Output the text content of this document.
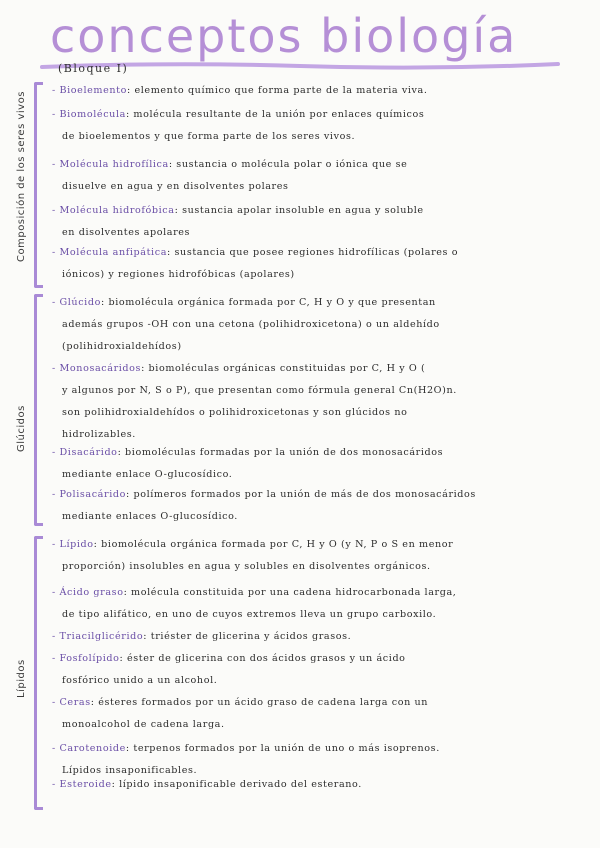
conceptos biología
(Bloque I)
Composición de los seres vivos
- Bioelemento: elemento químico que forma parte de la materia viva.
- Biomolécula: molécula resultante de la unión por enlaces químicos
de bioelementos y que forma parte de los seres vivos.
- Molécula hidrofílica: sustancia o molécula polar o iónica que se
disuelve en agua y en disolventes polares
- Molécula hidrofóbica: sustancia apolar insoluble en agua y soluble
en disolventes apolares
- Molécula anfipática: sustancia que posee regiones hidrofílicas (polares o
iónicos) y regiones hidrofóbicas (apolares)
Glúcidos
- Glúcido: biomolécula orgánica formada por C, H y O y que presentan
además grupos -OH con una cetona (polihidroxicetona) o un aldehído
(polihidroxialdehídos)
- Monosacáridos: biomoléculas orgánicas constituidas por C, H y O (
y algunos por N, S o P), que presentan como fórmula general Cn(H2O)n.
son polihidroxialdehídos o polihidroxicetonas y son glúcidos no
hidrolizables.
- Disacárido: biomoléculas formadas por la unión de dos monosacáridos
mediante enlace O-glucosídico.
- Polisacárido: polímeros formados por la unión de más de dos monosacáridos
mediante enlaces O-glucosídico.
Lípidos
- Lípido: biomolécula orgánica formada por C, H y O (y N, P o S en menor
proporción) insolubles en agua y solubles en disolventes orgánicos.
- Ácido graso: molécula constituida por una cadena hidrocarbonada larga,
de tipo alifático, en uno de cuyos extremos lleva un grupo carboxilo.
- Triacilglicérido: triéster de glicerina y ácidos grasos.
- Fosfolípido: éster de glicerina con dos ácidos grasos y un ácido
fosfórico unido a un alcohol.
- Ceras: ésteres formados por un ácido graso de cadena larga con un
monoalcohol de cadena larga.
- Carotenoide: terpenos formados por la unión de uno o más isoprenos.
Lípidos insaponificables.
- Esteroide: lípido insaponificable derivado del esterano.
